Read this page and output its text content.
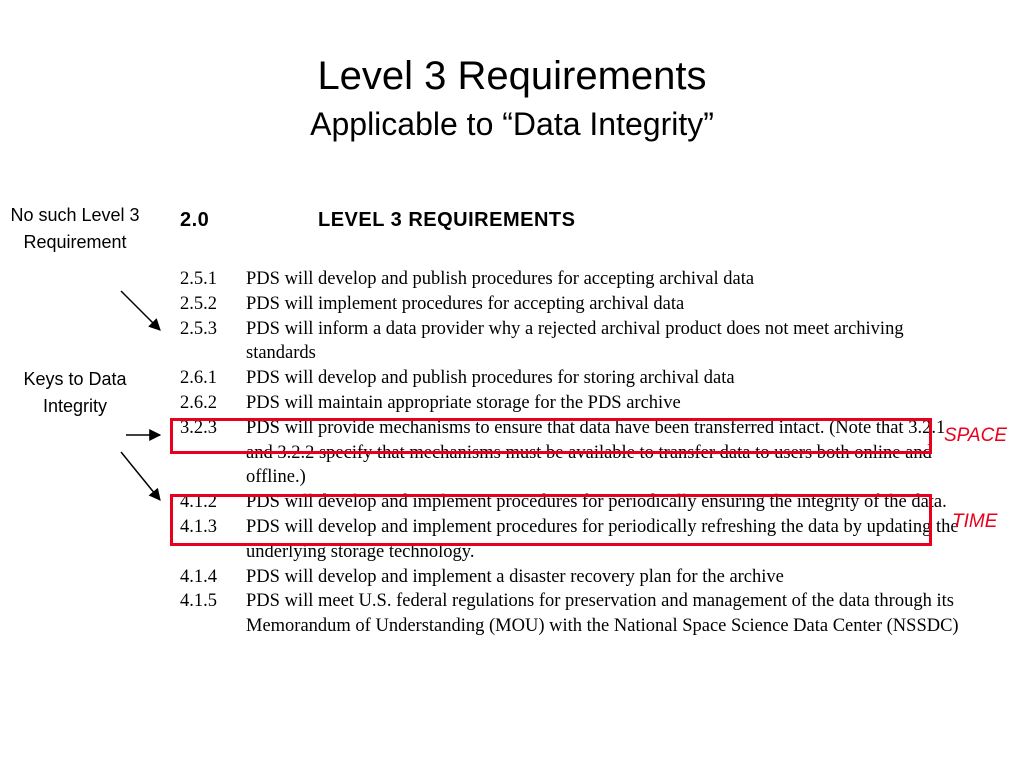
Level 3 Requirements
Applicable to “Data Integrity”
No such Level 3 Requirement
Keys to Data Integrity
2.0	LEVEL 3 REQUIREMENTS
2.5.1	PDS will develop and publish procedures for accepting archival data
2.5.2	PDS will implement procedures for accepting archival data
2.5.3	PDS will inform a data provider why a rejected archival product does not meet archiving standards
2.6.1	PDS will develop and publish procedures for storing archival data
2.6.2	PDS will maintain appropriate storage for the PDS archive
3.2.3	PDS will provide mechanisms to ensure that data have been transferred intact. (Note that 3.2.1 and 3.2.2 specify that mechanisms must be available to transfer data to users both online and offline.)
4.1.2	PDS will develop and implement procedures for periodically ensuring the integrity of the data.
4.1.3	PDS will develop and implement procedures for periodically refreshing the data by updating the underlying storage technology.
4.1.4	PDS will develop and implement a disaster recovery plan for the archive
4.1.5	PDS will meet U.S. federal regulations for preservation and management of the data through its Memorandum of Understanding (MOU) with the National Space Science Data Center (NSSDC)
SPACE
TIME
